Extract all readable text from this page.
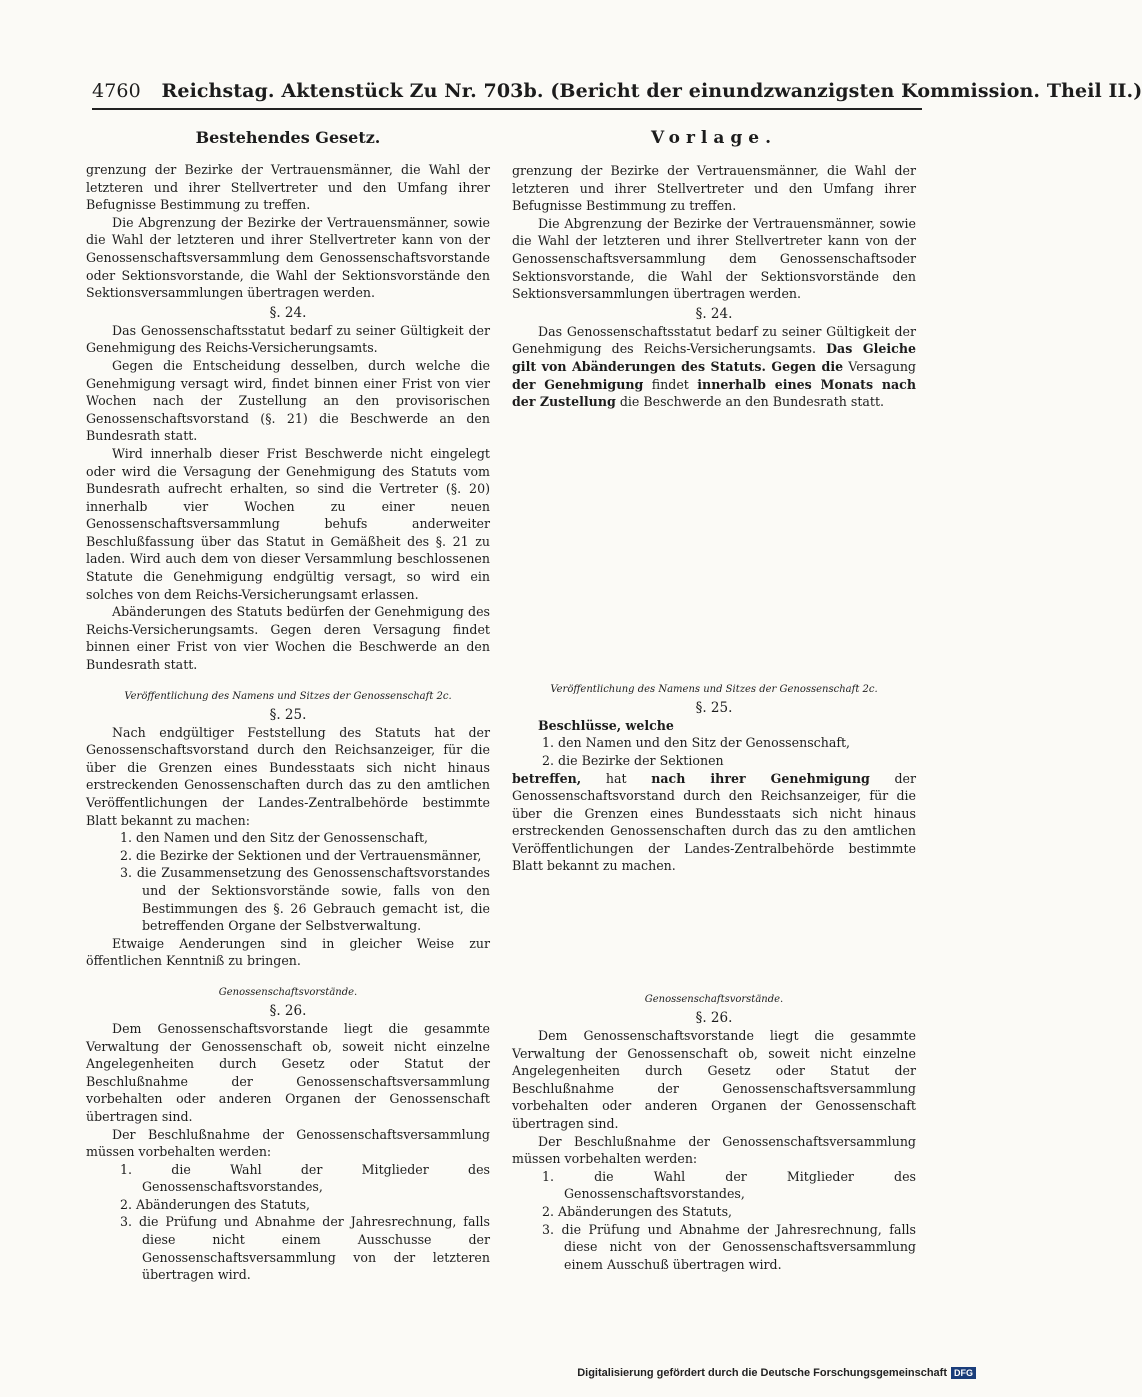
4760 Reichstag. Aktenstück Zu Nr. 703b. (Bericht der einundzwanzigsten Kommission. Theil II.)
Bestehendes Gesetz.

grenzung der Bezirke der Vertrauensmänner, die Wahl der letzteren und ihrer Stellvertreter und den Umfang ihrer Befugnisse Bestimmung zu treffen.

Die Abgrenzung der Bezirke der Vertrauensmänner, sowie die Wahl der letzteren und ihrer Stellvertreter kann von der Genossenschaftsversammlung dem Genossenschaftsvorstande oder Sektionsvorstande, die Wahl der Sektionsvorstände den Sektionsversammlungen übertragen werden.

§. 24.

Das Genossenschaftsstatut bedarf zu seiner Gültigkeit der Genehmigung des Reichs-Versicherungsamts.

Gegen die Entscheidung desselben, durch welche die Genehmigung versagt wird, findet binnen einer Frist von vier Wochen nach der Zustellung an den provisorischen Genossenschaftsvorstand (§. 21) die Beschwerde an den Bundesrath statt.

Wird innerhalb dieser Frist Beschwerde nicht eingelegt oder wird die Versagung der Genehmigung des Statuts vom Bundesrath aufrecht erhalten, so sind die Vertreter (§. 20) innerhalb vier Wochen zu einer neuen Genossenschaftsversammlung behufs anderweiter Beschlußfassung über das Statut in Gemäßheit des §. 21 zu laden. Wird auch dem von dieser Versammlung beschlossenen Statute die Genehmigung endgültig versagt, so wird ein solches von dem Reichs-Versicherungsamt erlassen.

Abänderungen des Statuts bedürfen der Genehmigung des Reichs-Versicherungsamts. Gegen deren Versagung findet binnen einer Frist von vier Wochen die Beschwerde an den Bundesrath statt.

Veröffentlichung des Namens und Sitzes der Genossenschaft 2c.
§. 25.

Nach endgültiger Feststellung des Statuts hat der Genossenschaftsvorstand durch den Reichsanzeiger, für die über die Grenzen eines Bundesstaats sich nicht hinaus erstreckenden Genossenschaften durch das zu den amtlichen Veröffentlichungen der Landes-Zentralbehörde bestimmte Blatt bekannt zu machen:

1. den Namen und den Sitz der Genossenschaft,
2. die Bezirke der Sektionen und der Vertrauensmänner,
3. die Zusammensetzung des Genossenschaftsvorstandes und der Sektionsvorstände sowie, falls von den Bestimmungen des §. 26 Gebrauch gemacht ist, die betreffenden Organe der Selbstverwaltung.

Etwaige Aenderungen sind in gleicher Weise zur öffentlichen Kenntniß zu bringen.

Genossenschaftsvorstände.
§. 26.

Dem Genossenschaftsvorstande liegt die gesammte Verwaltung der Genossenschaft ob, soweit nicht einzelne Angelegenheiten durch Gesetz oder Statut der Beschlußnahme der Genossenschaftsversammlung vorbehalten oder anderen Organen der Genossenschaft übertragen sind.

Der Beschlußnahme der Genossenschaftsversammlung müssen vorbehalten werden:

1. die Wahl der Mitglieder des Genossenschaftsvorstandes,
2. Abänderungen des Statuts,
3. die Prüfung und Abnahme der Jahresrechnung, falls diese nicht einem Ausschusse der Genossenschaftsversammlung von der letzteren übertragen wird.
Vorlage.

grenzung der Bezirke der Vertrauensmänner, die Wahl der letzteren und ihrer Stellvertreter und den Umfang ihrer Befugnisse Bestimmung zu treffen.

Die Abgrenzung der Bezirke der Vertrauensmänner, sowie die Wahl der letzteren und ihrer Stellvertreter kann von der Genossenschaftsversammlung dem Genossenschaftsoder Sektionsvorstande, die Wahl der Sektionsvorstände den Sektionsversammlungen übertragen werden.

§. 24.

Das Genossenschaftsstatut bedarf zu seiner Gültigkeit der Genehmigung des Reichs-Versicherungsamts. Das Gleiche gilt von Abänderungen des Statuts. Gegen die Versagung der Genehmigung findet innerhalb eines Monats nach der Zustellung die Beschwerde an den Bundesrath statt.

Veröffentlichung des Namens und Sitzes der Genossenschaft 2c.
§. 25.

Beschlüsse, welche

1. den Namen und den Sitz der Genossenschaft,
2. die Bezirke der Sektionen

betreffen, hat nach ihrer Genehmigung der Genossenschaftsvorstand durch den Reichsanzeiger, für die über die Grenzen eines Bundesstaats sich nicht hinaus erstreckenden Genossenschaften durch das zu den amtlichen Veröffentlichungen der Landes-Zentralbehörde bestimmte Blatt bekannt zu machen.

Genossenschaftsvorstände.
§. 26.

Dem Genossenschaftsvorstande liegt die gesammte Verwaltung der Genossenschaft ob, soweit nicht einzelne Angelegenheiten durch Gesetz oder Statut der Beschlußnahme der Genossenschaftsversammlung vorbehalten oder anderen Organen der Genossenschaft übertragen sind.

Der Beschlußnahme der Genossenschaftsversammlung müssen vorbehalten werden:

1. die Wahl der Mitglieder des Genossenschaftsvorstandes,
2. Abänderungen des Statuts,
3. die Prüfung und Abnahme der Jahresrechnung, falls diese nicht von der Genossenschaftsversammlung einem Ausschuß übertragen wird.
Digitalisierung gefördert durch die Deutsche Forschungsgemeinschaft DFG
